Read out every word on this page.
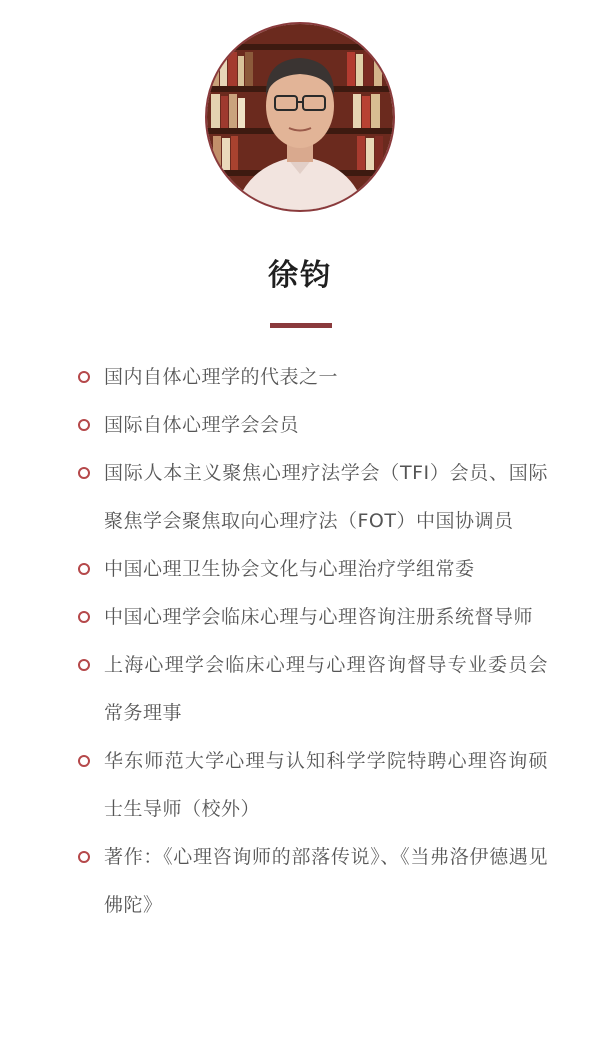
徐钧
国内自体心理学的代表之一
国际自体心理学会会员
国际人本主义聚焦心理疗法学会（TFI）会员、国际聚焦学会聚焦取向心理疗法（FOT）中国协调员
中国心理卫生协会文化与心理治疗学组常委
中国心理学会临床心理与心理咨询注册系统督导师
上海心理学会临床心理与心理咨询督导专业委员会常务理事
华东师范大学心理与认知科学学院特聘心理咨询硕士生导师（校外）
著作：《心理咨询师的部落传说》、《当弗洛伊德遇见佛陀》
